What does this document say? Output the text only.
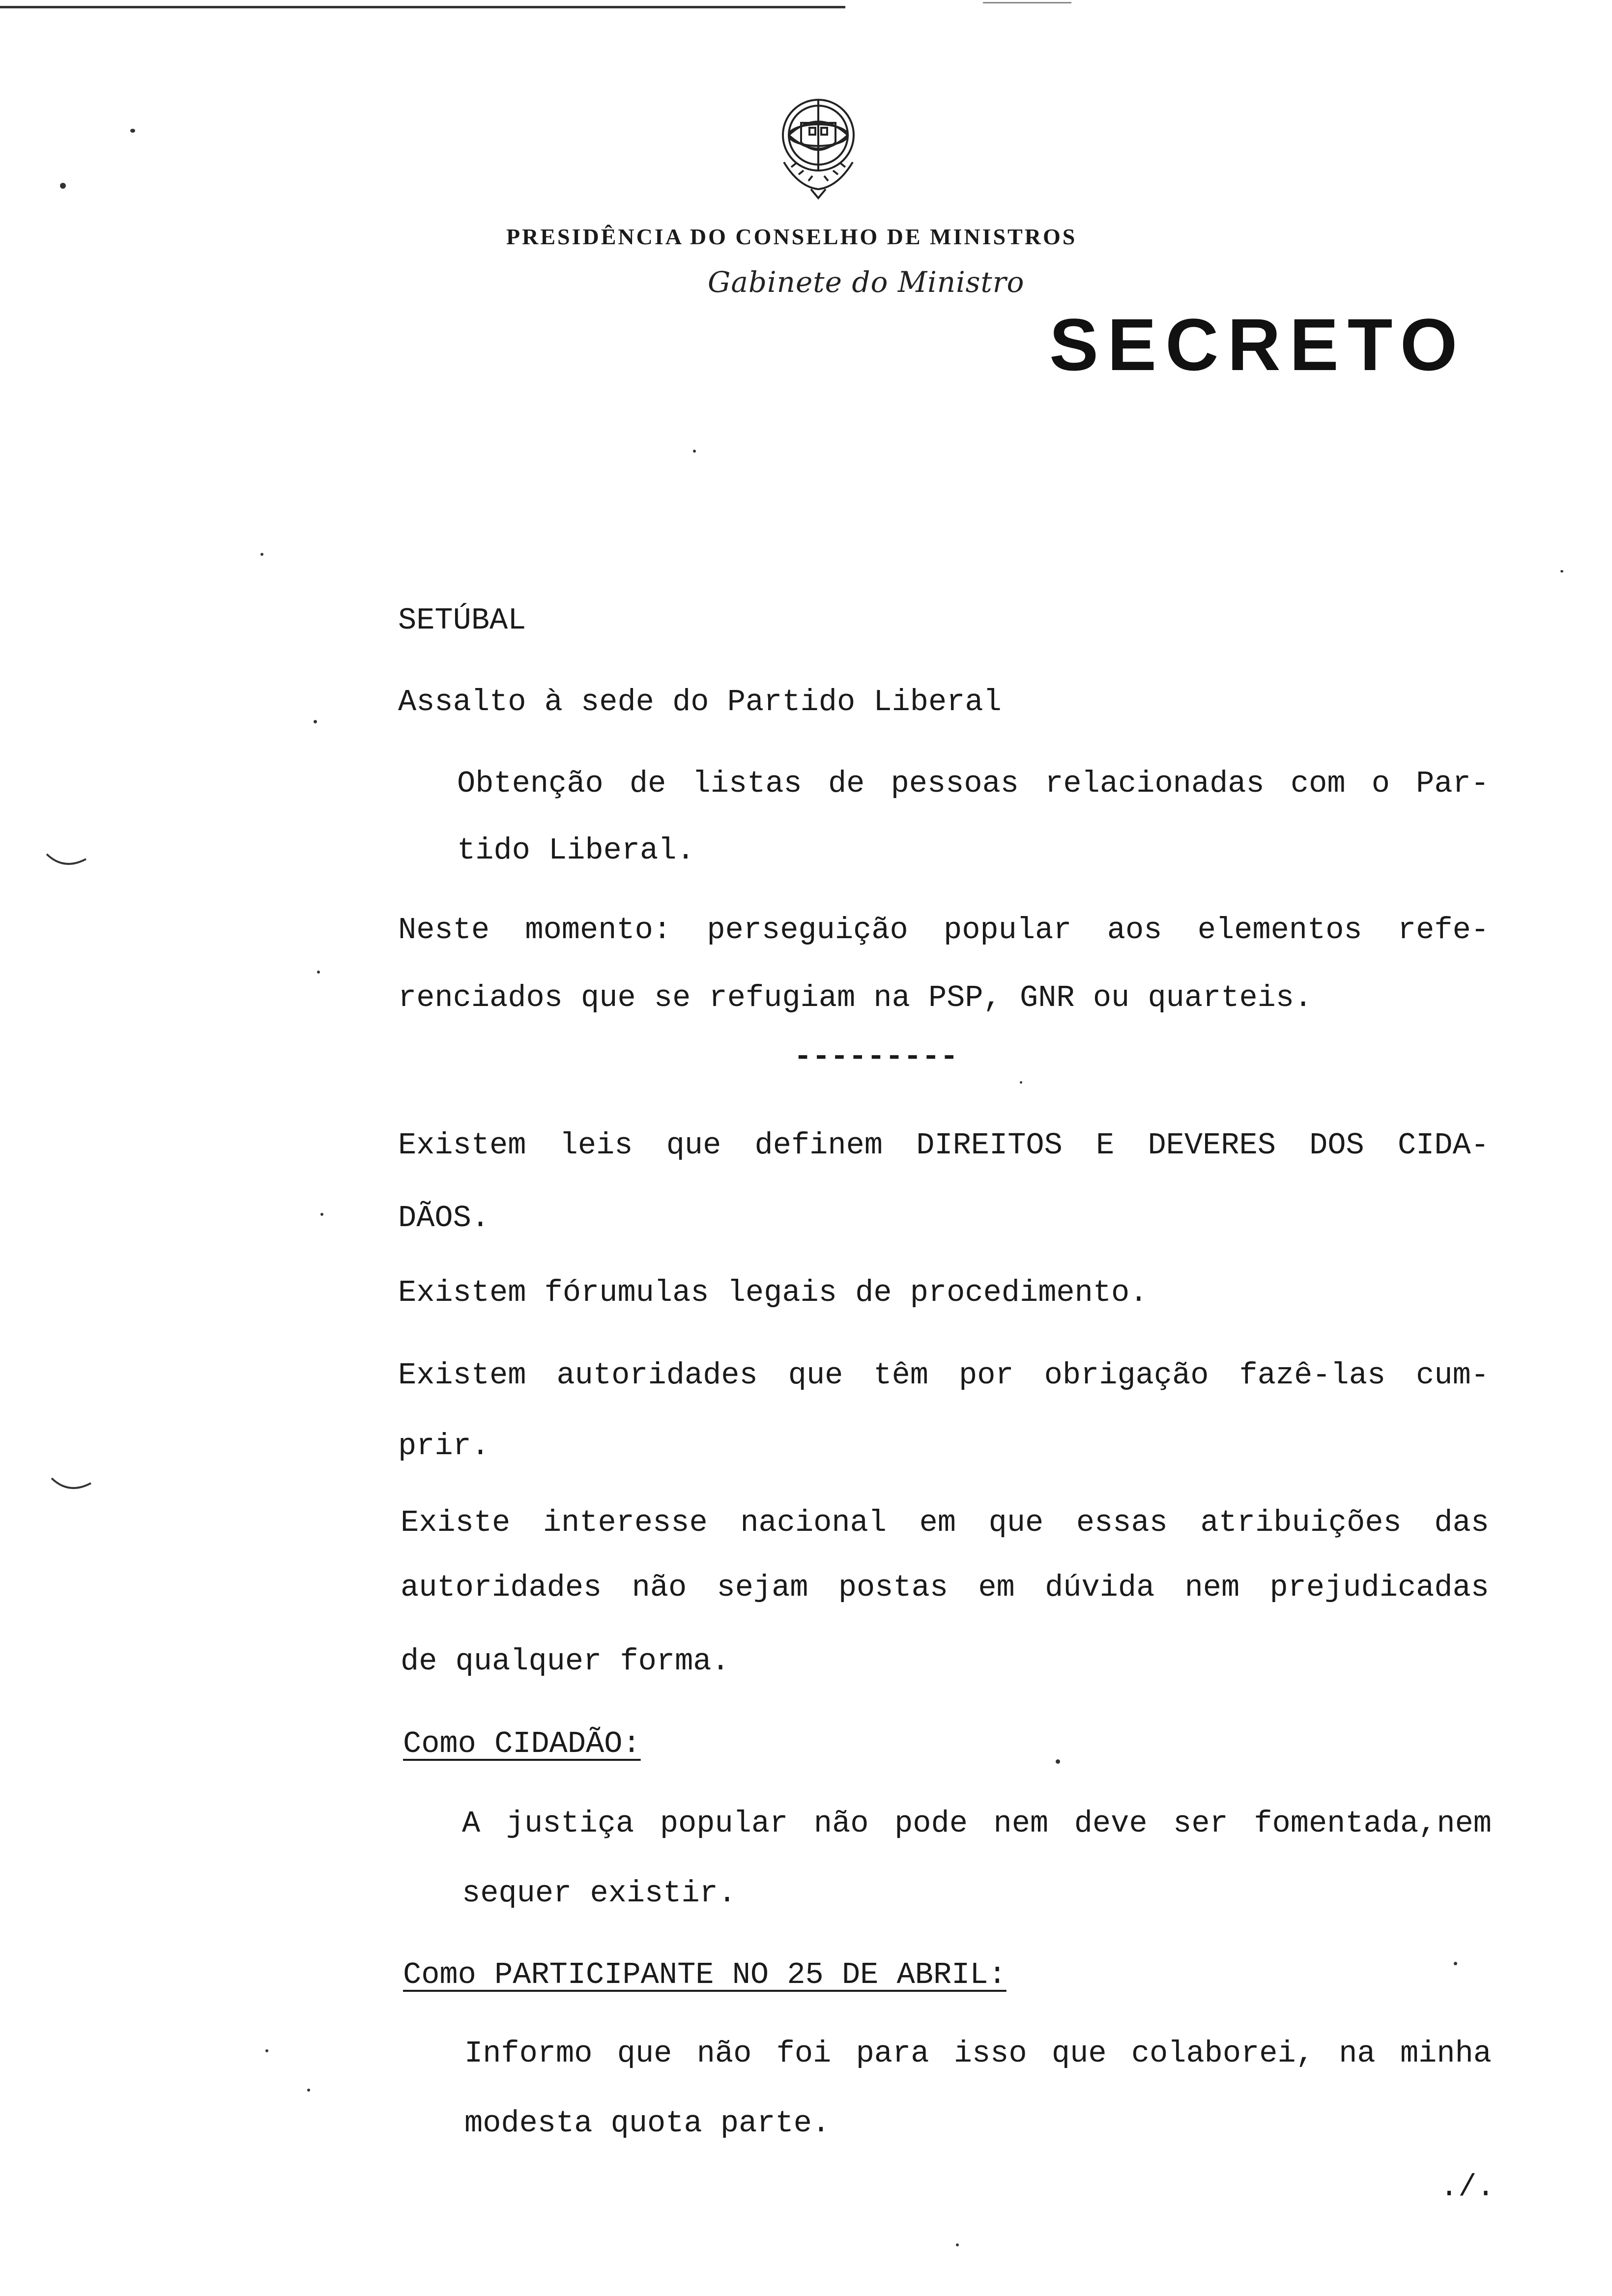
PRESIDÊNCIA DO CONSELHO DE MINISTROS
Gabinete do Ministro
SECRETO
SETÚBAL
Assalto à sede do Partido Liberal
Obtenção de listas de pessoas relacionadas com o Par-
tido Liberal.
Neste momento: perseguição popular aos elementos refe-
renciados que se refugiam na PSP, GNR ou quarteis.
---------
Existem leis que definem DIREITOS E DEVERES DOS CIDA-
DÃOS.
Existem fórumulas legais de procedimento.
Existem autoridades que têm por obrigação fazê-las cum-
prir.
Existe interesse nacional em que essas atribuições das
autoridades não sejam postas em dúvida nem prejudicadas
de qualquer forma.
Como CIDADÃO:
A justiça popular não pode nem deve ser fomentada,nem
sequer existir.
Como PARTICIPANTE NO 25 DE ABRIL:
Informo que não foi para isso que colaborei, na minha
modesta quota parte.
./.
